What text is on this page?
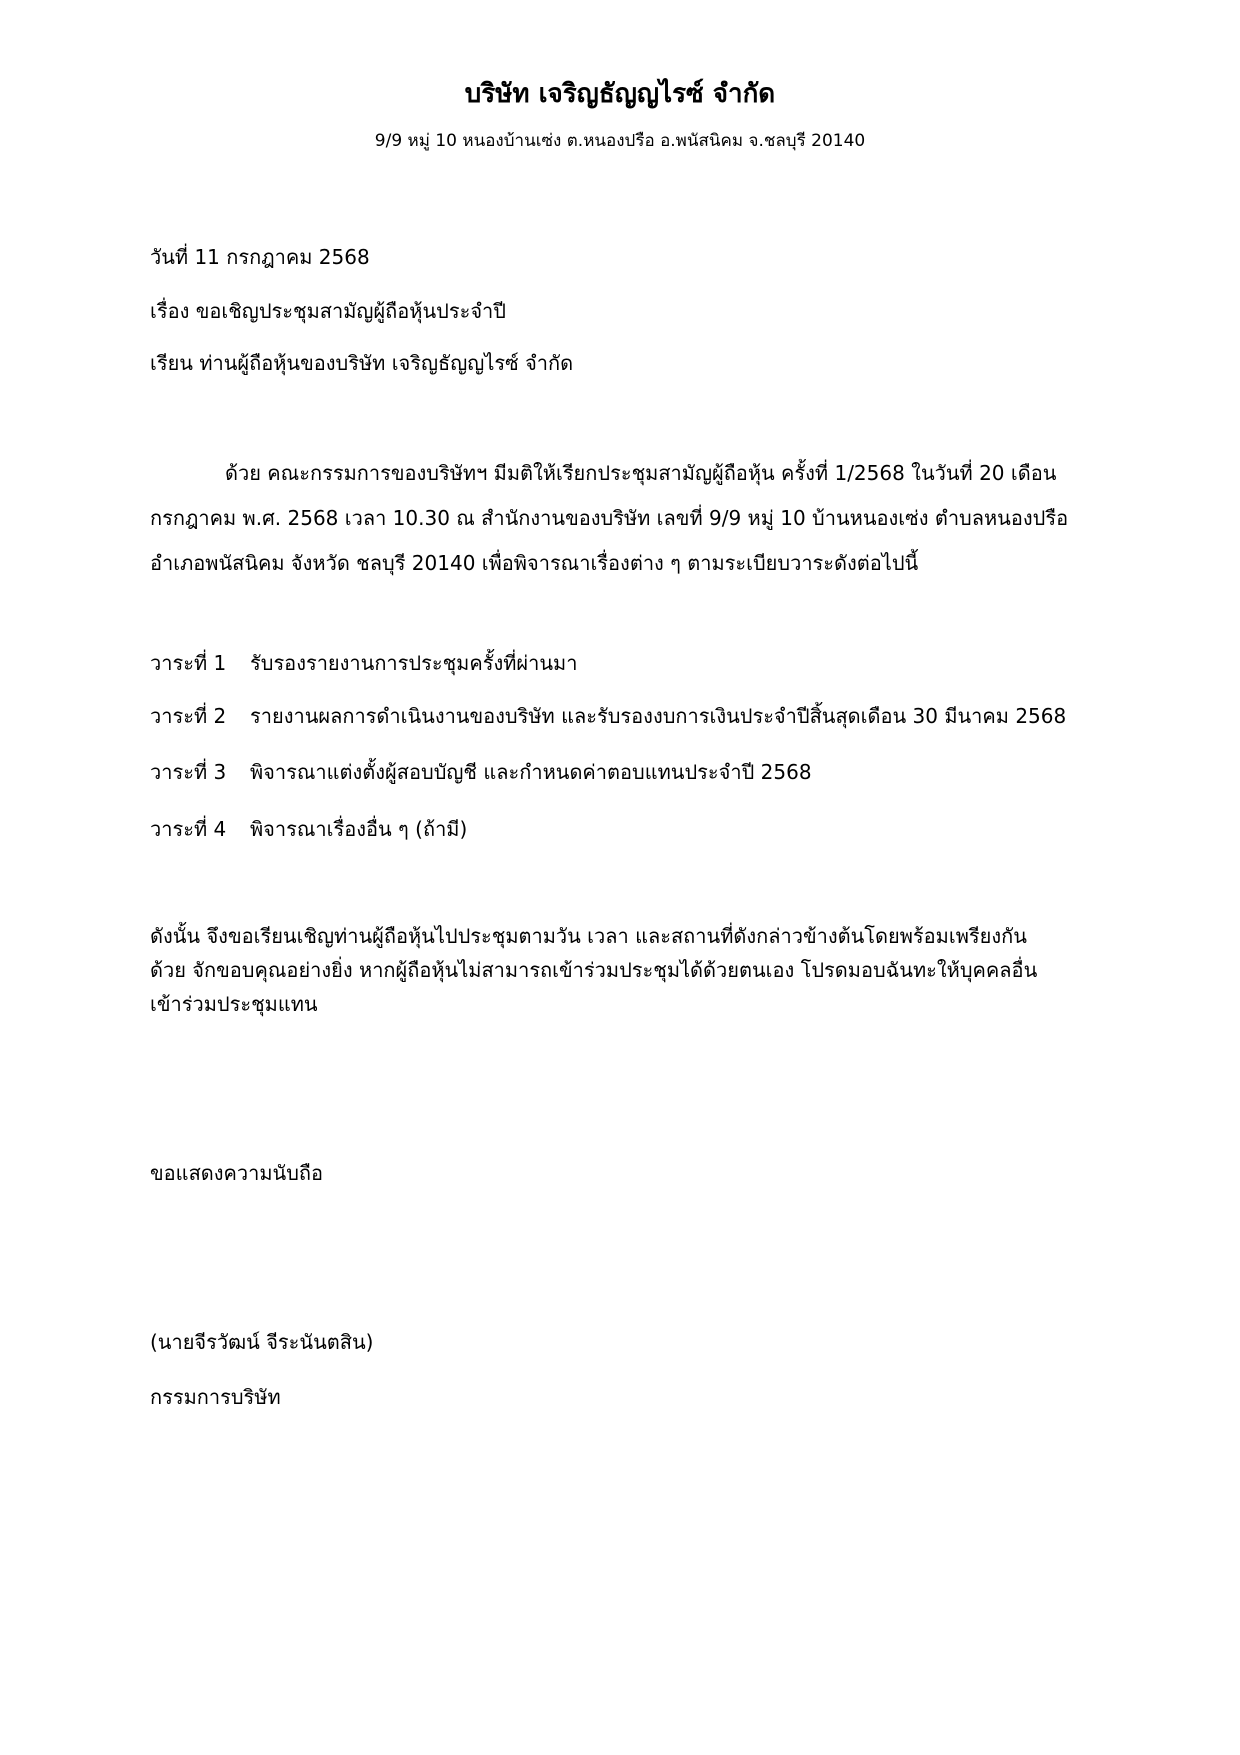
บริษัท เจริญธัญญไรซ์ จำกัด
9/9 หมู่ 10 หนองบ้านเซ่ง ต.หนองปรือ อ.พนัสนิคม จ.ชลบุรี 20140
วันที่ 11 กรกฎาคม 2568
เรื่อง ขอเชิญประชุมสามัญผู้ถือหุ้นประจำปี
เรียน ท่านผู้ถือหุ้นของบริษัท เจริญธัญญไรซ์ จำกัด
ด้วย คณะกรรมการของบริษัทฯ มีมติให้เรียกประชุมสามัญผู้ถือหุ้น ครั้งที่ 1/2568 ในวันที่ 20 เดือน
กรกฎาคม พ.ศ. 2568 เวลา 10.30 ณ สำนักงานของบริษัท เลขที่ 9/9 หมู่ 10 บ้านหนองเซ่ง ตำบลหนองปรือ
อำเภอพนัสนิคม จังหวัด ชลบุรี 20140 เพื่อพิจารณาเรื่องต่าง ๆ ตามระเบียบวาระดังต่อไปนี้
วาระที่ 1 รับรองรายงานการประชุมครั้งที่ผ่านมา
วาระที่ 2 รายงานผลการดำเนินงานของบริษัท และรับรองงบการเงินประจำปีสิ้นสุดเดือน 30 มีนาคม 2568
วาระที่ 3 พิจารณาแต่งตั้งผู้สอบบัญชี และกำหนดค่าตอบแทนประจำปี 2568
วาระที่ 4 พิจารณาเรื่องอื่น ๆ (ถ้ามี)
ดังนั้น จึงขอเรียนเชิญท่านผู้ถือหุ้นไปประชุมตามวัน เวลา และสถานที่ดังกล่าวข้างต้นโดยพร้อมเพรียงกัน
ด้วย จักขอบคุณอย่างยิ่ง หากผู้ถือหุ้นไม่สามารถเข้าร่วมประชุมได้ด้วยตนเอง โปรดมอบฉันทะให้บุคคลอื่น
เข้าร่วมประชุมแทน
ขอแสดงความนับถือ
(นายจีรวัฒน์ จีระนันตสิน)
กรรมการบริษัท
